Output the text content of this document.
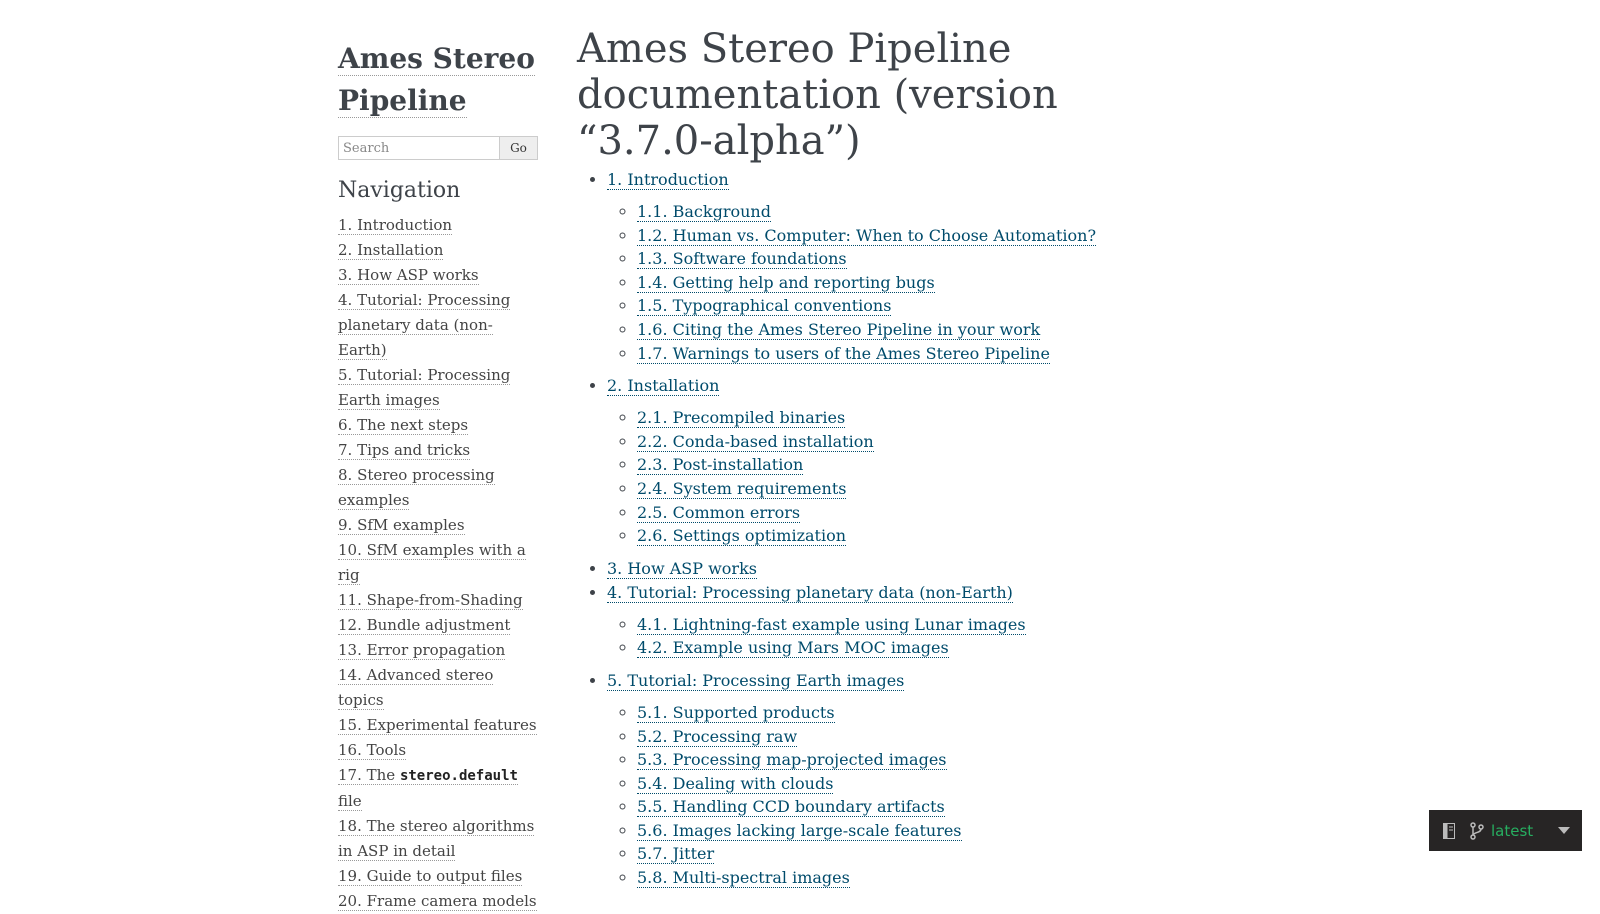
Ames Stereo
Pipeline
Search
Go
Navigation
1. Introduction
2. Installation
3. How ASP works
4. Tutorial: Processing planetary data (non-Earth)
5. Tutorial: Processing Earth images
6. The next steps
7. Tips and tricks
8. Stereo processing examples
9. SfM examples
10. SfM examples with a rig
11. Shape-from-Shading
12. Bundle adjustment
13. Error propagation
14. Advanced stereo topics
15. Experimental features
16. Tools
17. The stereo.default file
18. The stereo algorithms in ASP in detail
19. Guide to output files
20. Frame camera models
Ames Stereo Pipeline documentation (version “3.7.0-alpha”)
• 1. Introduction
◦ 1.1. Background
◦ 1.2. Human vs. Computer: When to Choose Automation?
◦ 1.3. Software foundations
◦ 1.4. Getting help and reporting bugs
◦ 1.5. Typographical conventions
◦ 1.6. Citing the Ames Stereo Pipeline in your work
◦ 1.7. Warnings to users of the Ames Stereo Pipeline
• 2. Installation
◦ 2.1. Precompiled binaries
◦ 2.2. Conda-based installation
◦ 2.3. Post-installation
◦ 2.4. System requirements
◦ 2.5. Common errors
◦ 2.6. Settings optimization
• 3. How ASP works
• 4. Tutorial: Processing planetary data (non-Earth)
◦ 4.1. Lightning-fast example using Lunar images
◦ 4.2. Example using Mars MOC images
• 5. Tutorial: Processing Earth images
◦ 5.1. Supported products
◦ 5.2. Processing raw
◦ 5.3. Processing map-projected images
◦ 5.4. Dealing with clouds
◦ 5.5. Handling CCD boundary artifacts
◦ 5.6. Images lacking large-scale features
◦ 5.7. Jitter
◦ 5.8. Multi-spectral images
latest
